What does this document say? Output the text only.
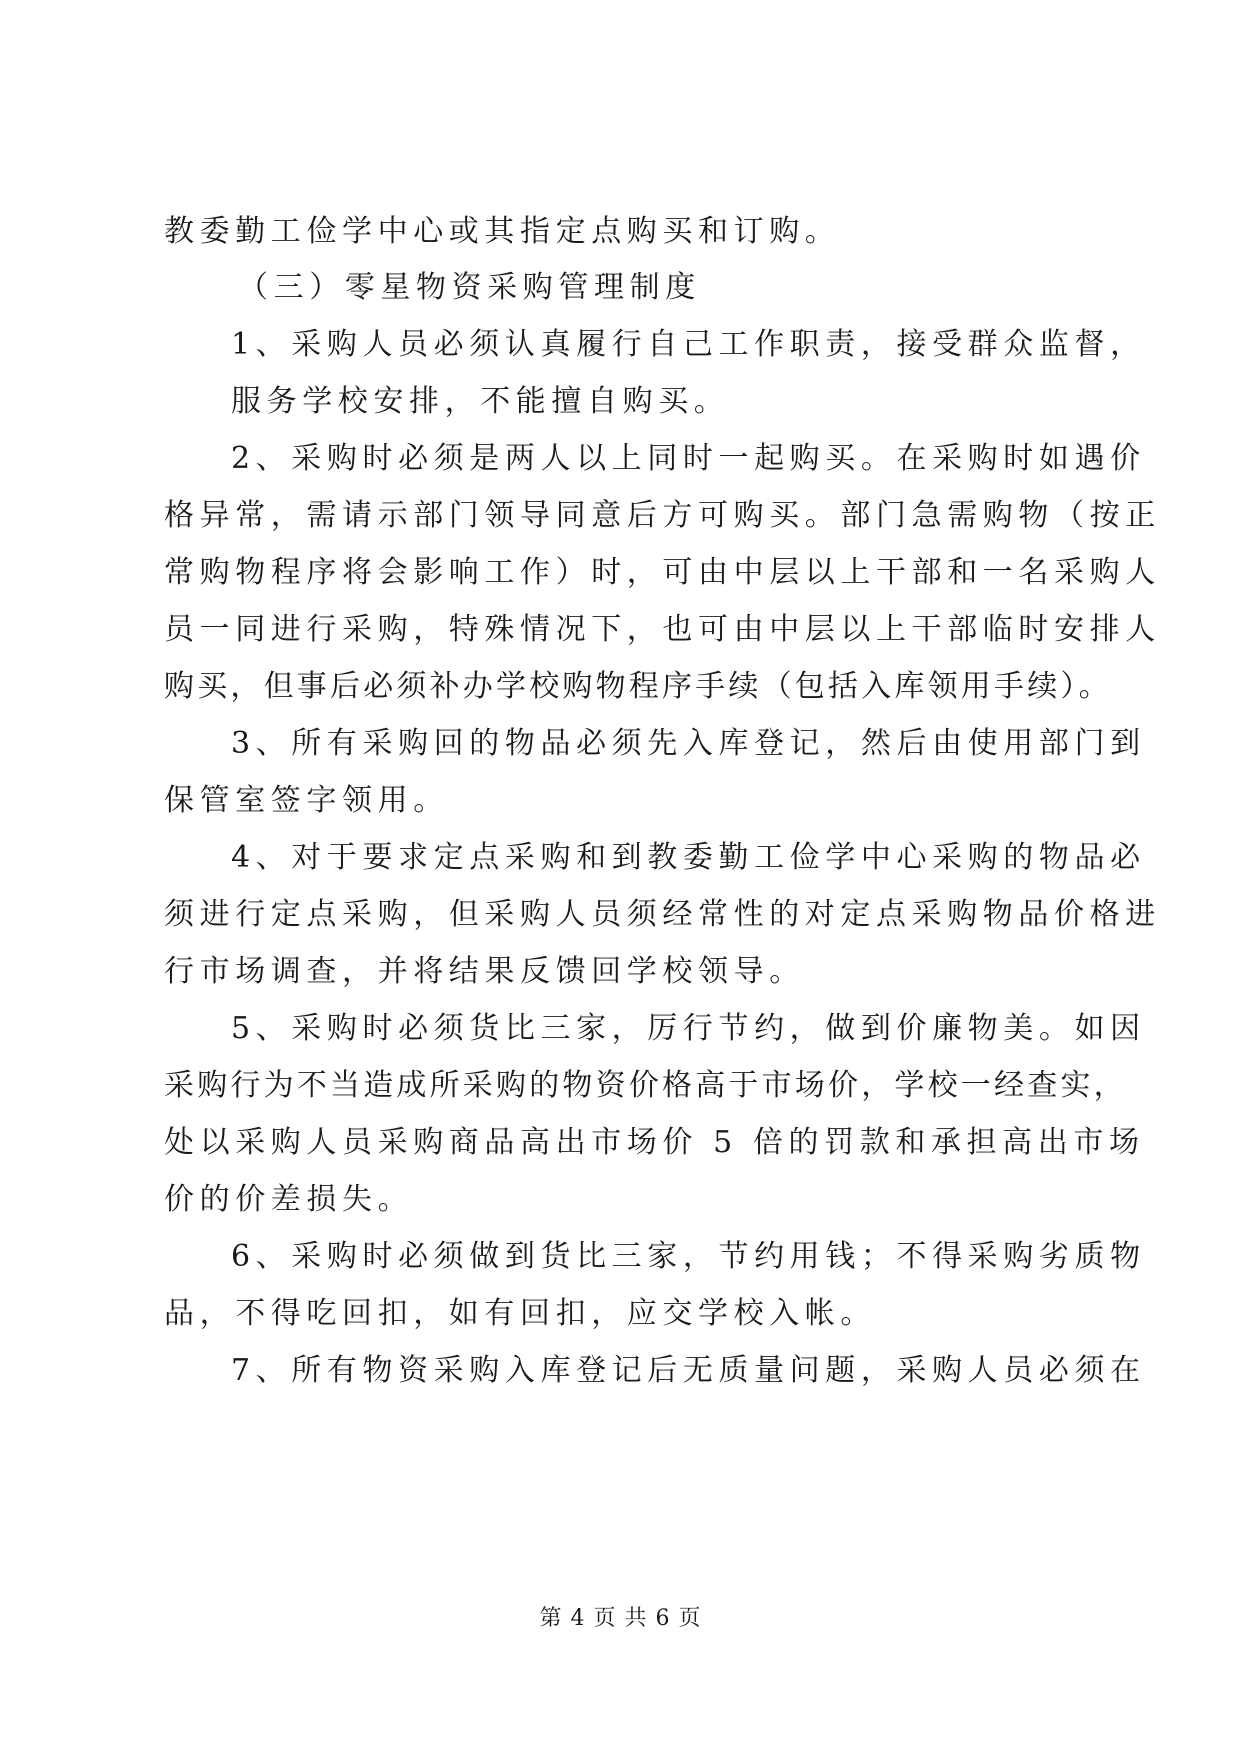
教委勤工俭学中心或其指定点购买和订购。
（三）零星物资采购管理制度
1、采购人员必须认真履行自己工作职责，接受群众监督，
服务学校安排，不能擅自购买。
2、采购时必须是两人以上同时一起购买。在采购时如遇价
格异常，需请示部门领导同意后方可购买。部门急需购物（按正
常购物程序将会影响工作）时，可由中层以上干部和一名采购人
员一同进行采购，特殊情况下，也可由中层以上干部临时安排人
购买，但事后必须补办学校购物程序手续（包括入库领用手续）。
3、所有采购回的物品必须先入库登记，然后由使用部门到
保管室签字领用。
4、对于要求定点采购和到教委勤工俭学中心采购的物品必
须进行定点采购，但采购人员须经常性的对定点采购物品价格进
行市场调查，并将结果反馈回学校领导。
5、采购时必须货比三家，厉行节约，做到价廉物美。如因
采购行为不当造成所采购的物资价格高于市场价，学校一经查实，
处以采购人员采购商品高出市场价 5 倍的罚款和承担高出市场
价的价差损失。
6、采购时必须做到货比三家，节约用钱；不得采购劣质物
品，不得吃回扣，如有回扣，应交学校入帐。
7、所有物资采购入库登记后无质量问题，采购人员必须在
第 4 页 共 6 页
